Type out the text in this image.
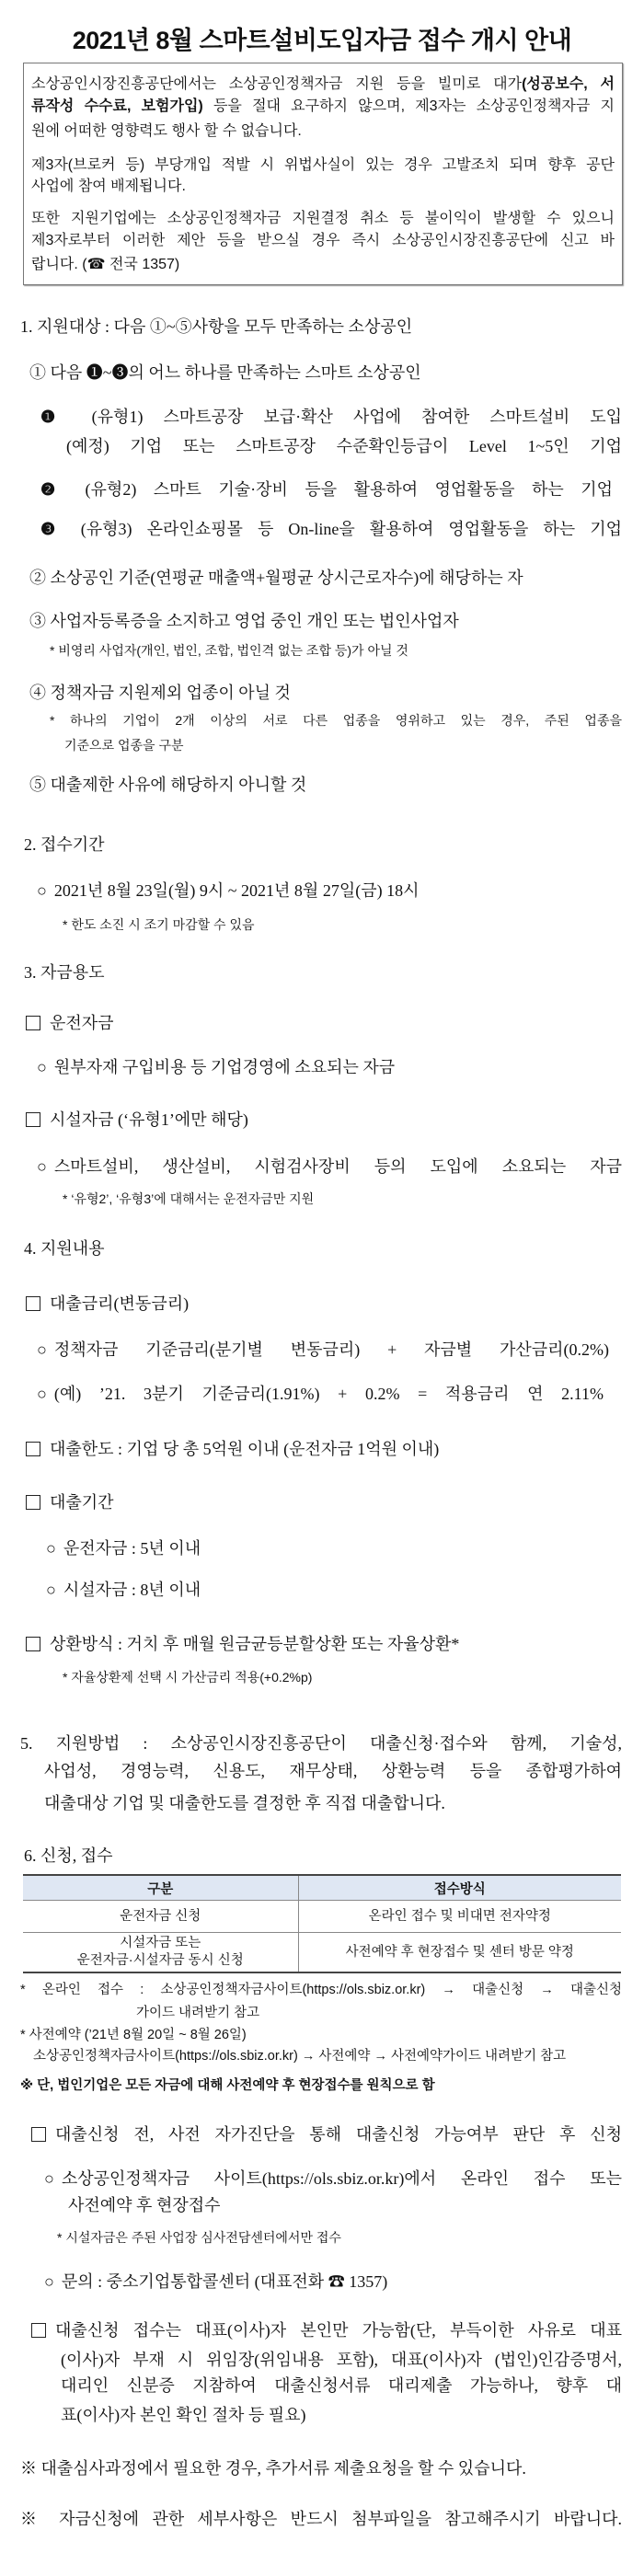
2021년 8월 스마트설비도입자금 접수 개시 안내
소상공인시장진흥공단에서는 소상공인정책자금 지원 등을 빌미로 대가(성공보수, 서
류작성 수수료, 보험가입) 등을 절대 요구하지 않으며, 제3자는 소상공인정책자금 지
원에 어떠한 영향력도 행사 할 수 없습니다.
제3자(브로커 등) 부당개입 적발 시 위법사실이 있는 경우 고발조치 되며 향후 공단
사업에 참여 배제됩니다.
또한 지원기업에는 소상공인정책자금 지원결정 취소 등 불이익이 발생할 수 있으니
제3자로부터 이러한 제안 등을 받으실 경우 즉시 소상공인시장진흥공단에 신고 바
랍니다. (☎ 전국 1357)
1. 지원대상 : 다음 ①~⑤사항을 모두 만족하는 소상공인
① 다음 ❶~❸의 어느 하나를 만족하는 스마트 소상공인
❶ (유형1) 스마트공장 보급·확산 사업에 참여한 스마트설비 도입
(예정) 기업 또는 스마트공장 수준확인등급이 Level 1~5인 기업
❷ (유형2) 스마트 기술·장비 등을 활용하여 영업활동을 하는 기업
❸ (유형3) 온라인쇼핑몰 등 On-line을 활용하여 영업활동을 하는 기업
② 소상공인 기준(연평균 매출액+월평균 상시근로자수)에 해당하는 자
③ 사업자등록증을 소지하고 영업 중인 개인 또는 법인사업자
* 비영리 사업자(개인, 법인, 조합, 법인격 없는 조합 등)가 아닐 것
④ 정책자금 지원제외 업종이 아닐 것
* 하나의 기업이 2개 이상의 서로 다른 업종을 영위하고 있는 경우, 주된 업종을
기준으로 업종을 구분
⑤ 대출제한 사유에 해당하지 아니할 것
2. 접수기간
○ 2021년 8월 23일(월) 9시 ~ 2021년 8월 27일(금) 18시
* 한도 소진 시 조기 마감할 수 있음
3. 자금용도
운전자금
○ 원부자재 구입비용 등 기업경영에 소요되는 자금
시설자금 (‘유형1’에만 해당)
○ 스마트설비, 생산설비, 시험검사장비 등의 도입에 소요되는 자금
* ‘유형2’, ‘유형3’에 대해서는 운전자금만 지원
4. 지원내용
대출금리(변동금리)
○ 정책자금 기준금리(분기별 변동금리) + 자금별 가산금리(0.2%)
○ (예) ’21. 3분기 기준금리(1.91%) + 0.2% = 적용금리 연 2.11%
대출한도 : 기업 당 총 5억원 이내 (운전자금 1억원 이내)
대출기간
○ 운전자금 : 5년 이내
○ 시설자금 : 8년 이내
상환방식 : 거치 후 매월 원금균등분할상환 또는 자율상환*
* 자율상환제 선택 시 가산금리 적용(+0.2%p)
5. 지원방법 : 소상공인시장진흥공단이 대출신청·접수와 함께, 기술성,
사업성, 경영능력, 신용도, 재무상태, 상환능력 등을 종합평가하여
대출대상 기업 및 대출한도를 결정한 후 직접 대출합니다.
6. 신청, 접수
구분	접수방식
운전자금 신청	온라인 접수 및 비대면 전자약정
시설자금 또는
운전자금·시설자금 동시 신청	사전예약 후 현장접수 및 센터 방문 약정
* 온라인 접수 : 소상공인정책자금사이트(https://ols.sbiz.or.kr) → 대출신청 → 대출신청
가이드 내려받기 참고
* 사전예약 (’21년 8월 20일 ~ 8월 26일)
소상공인정책자금사이트(https://ols.sbiz.or.kr) → 사전예약 → 사전예약가이드 내려받기 참고
※ 단, 법인기업은 모든 자금에 대해 사전예약 후 현장접수를 원칙으로 함
대출신청 전, 사전 자가진단을 통해 대출신청 가능여부 판단 후 신청
○ 소상공인정책자금 사이트(https://ols.sbiz.or.kr)에서 온라인 접수 또는
사전예약 후 현장접수
* 시설자금은 주된 사업장 심사전담센터에서만 접수
○ 문의 : 중소기업통합콜센터 (대표전화 ☎ 1357)
대출신청 접수는 대표(이사)자 본인만 가능함(단, 부득이한 사유로 대표
(이사)자 부재 시 위임장(위임내용 포함), 대표(이사)자 (법인)인감증명서,
대리인 신분증 지참하여 대출신청서류 대리제출 가능하나, 향후 대
표(이사)자 본인 확인 절차 등 필요)
※ 대출심사과정에서 필요한 경우, 추가서류 제출요청을 할 수 있습니다.
※ 자금신청에 관한 세부사항은 반드시 첨부파일을 참고해주시기 바랍니다.
